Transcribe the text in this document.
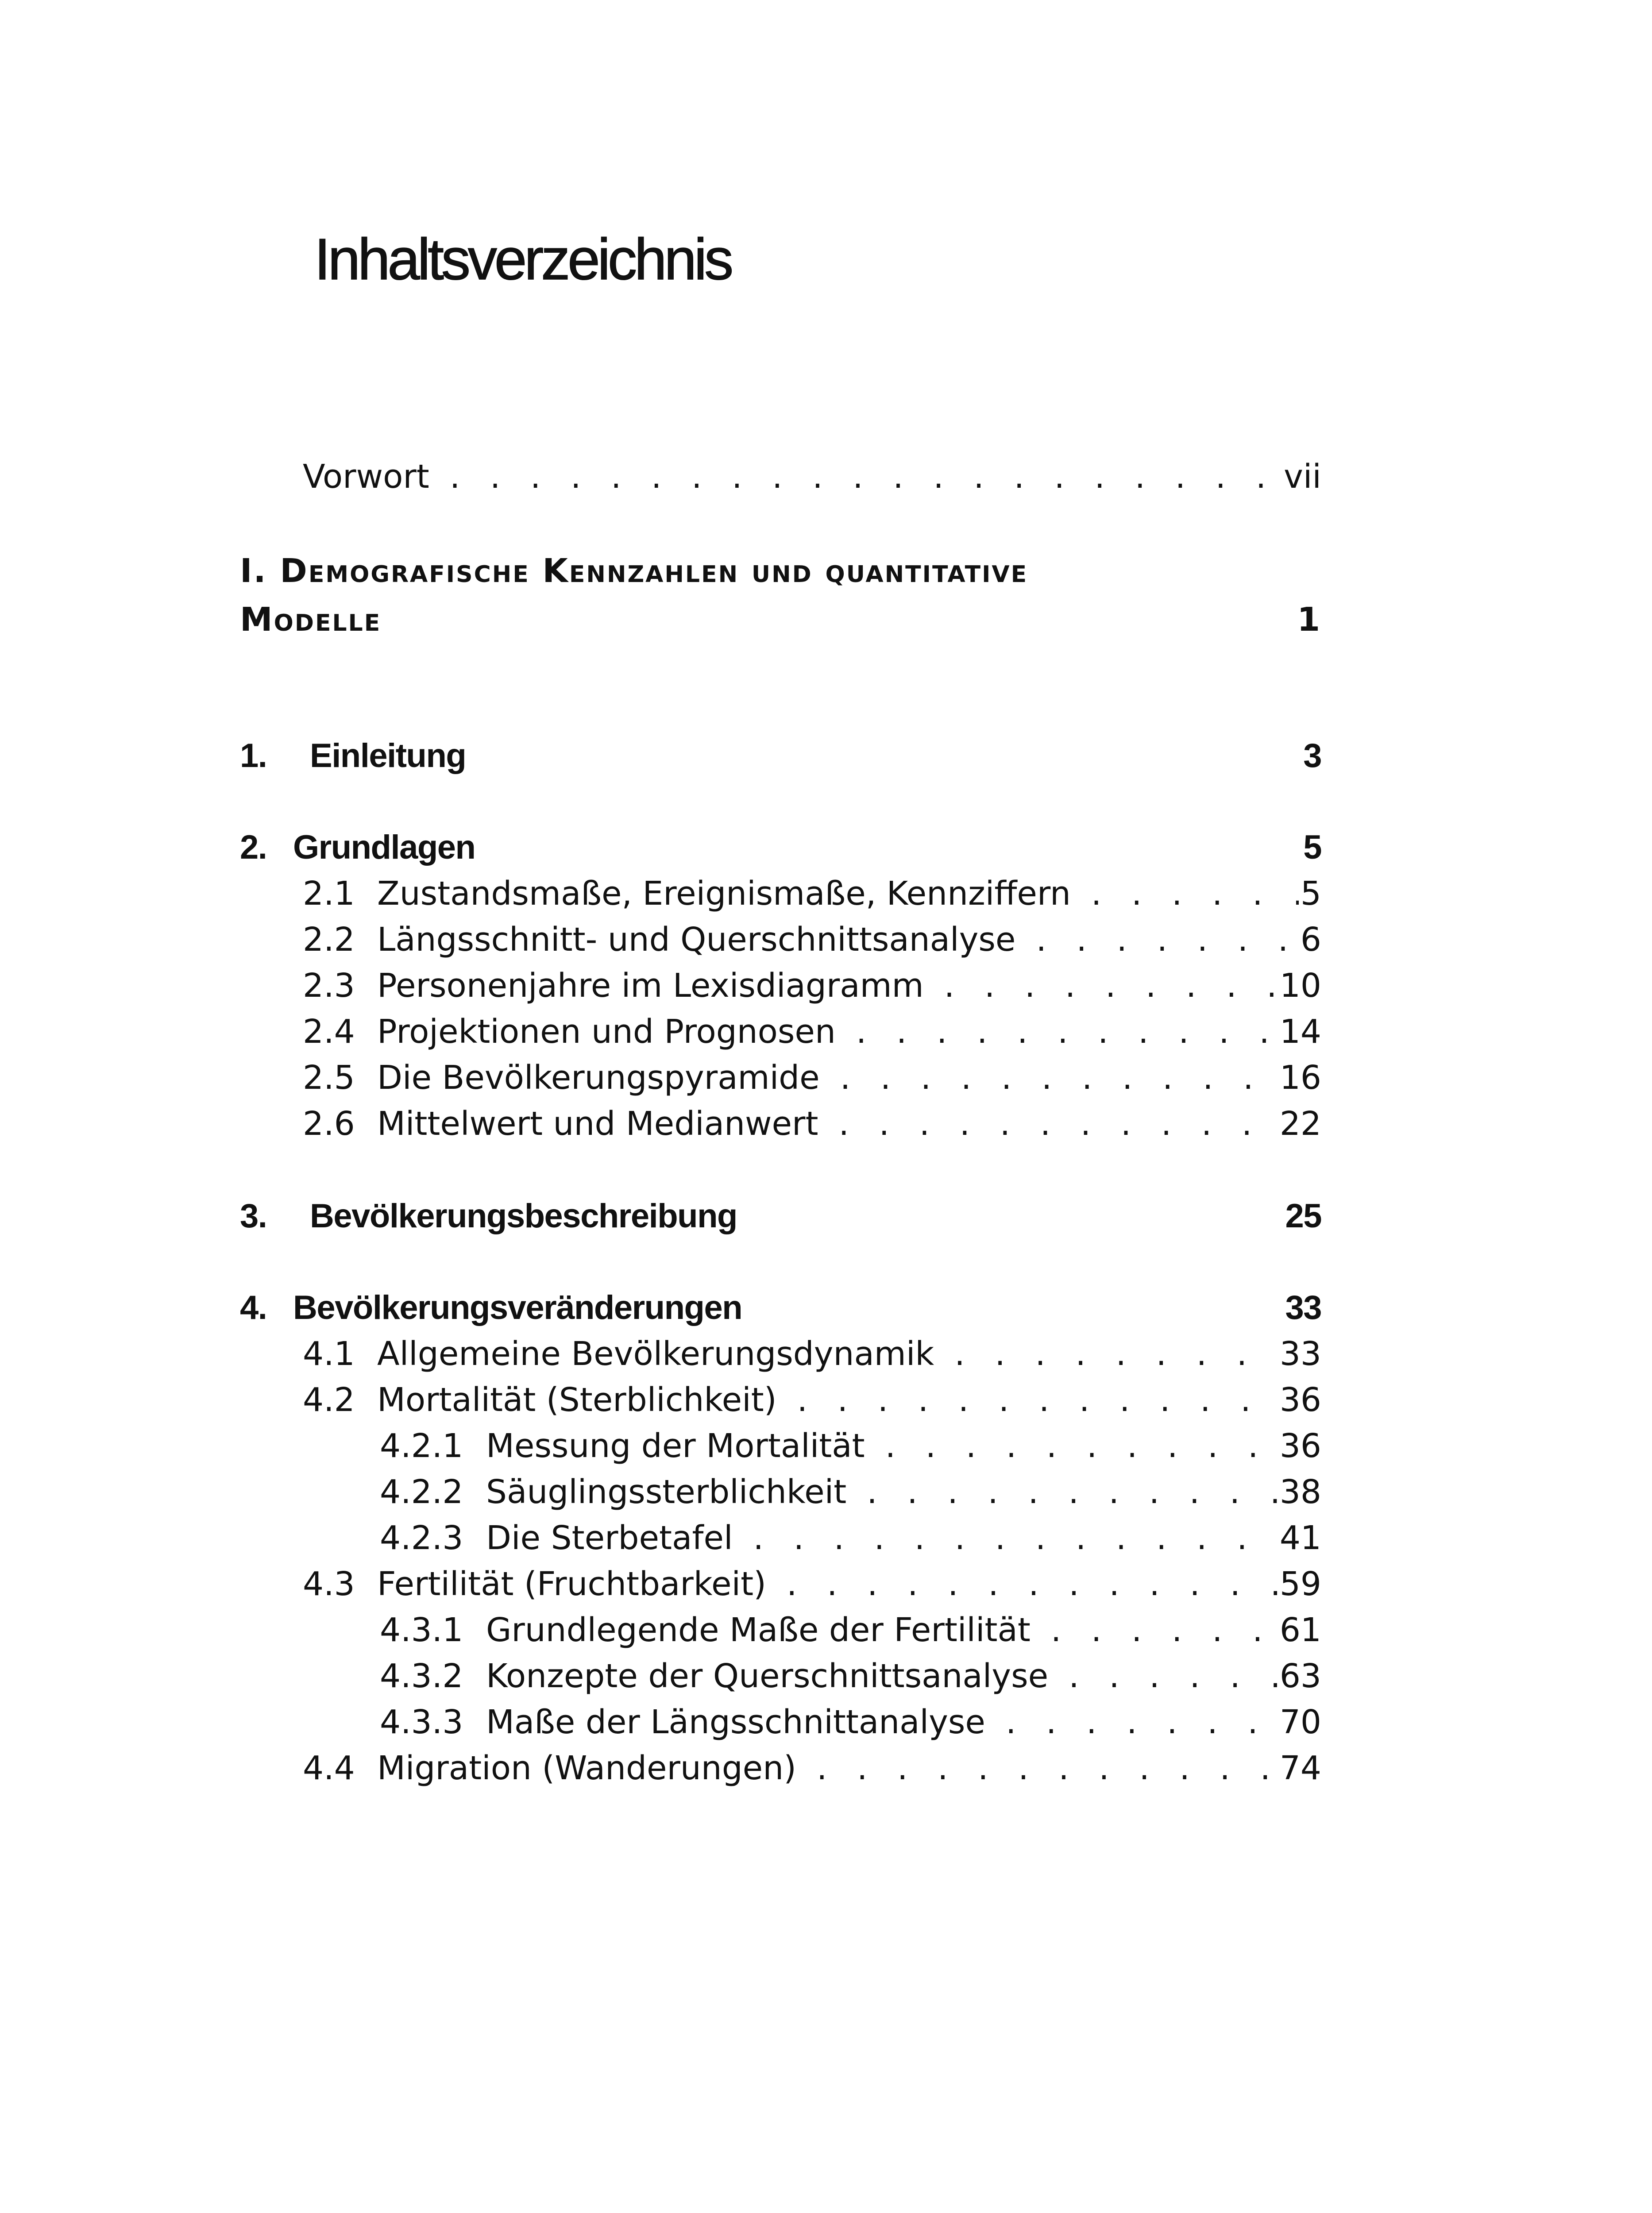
Inhaltsverzeichnis
Vorwort . . .	vii
I. Demografische Kennzahlen und quantitative
Modelle	1
1.	Einleitung	3
2. Grundlagen	5
2.1 Zustandsmaße, Ereignismaße, Kennziffern . . .	5
2.2 Längsschnitt- und Querschnittsanalyse . . .	6
2.3 Personenjahre im Lexisdiagramm . . .	10
2.4 Projektionen und Prognosen . . .	14
2.5 Die Bevölkerungspyramide . . .	16
2.6 Mittelwert und Medianwert . . .	22
3.	Bevölkerungsbeschreibung	25
4. Bevölkerungsveränderungen	33
4.1 Allgemeine Bevölkerungsdynamik . . .	33
4.2 Mortalität (Sterblichkeit) . . .	36
4.2.1 Messung der Mortalität . . .	36
4.2.2 Säuglingssterblichkeit . . .	38
4.2.3 Die Sterbetafel . . .	41
4.3 Fertilität (Fruchtbarkeit) . . .	59
4.3.1 Grundlegende Maße der Fertilität . . .	61
4.3.2 Konzepte der Querschnittsanalyse . . .	63
4.3.3 Maße der Längsschnittanalyse . . .	70
4.4 Migration (Wanderungen) . . .	74
